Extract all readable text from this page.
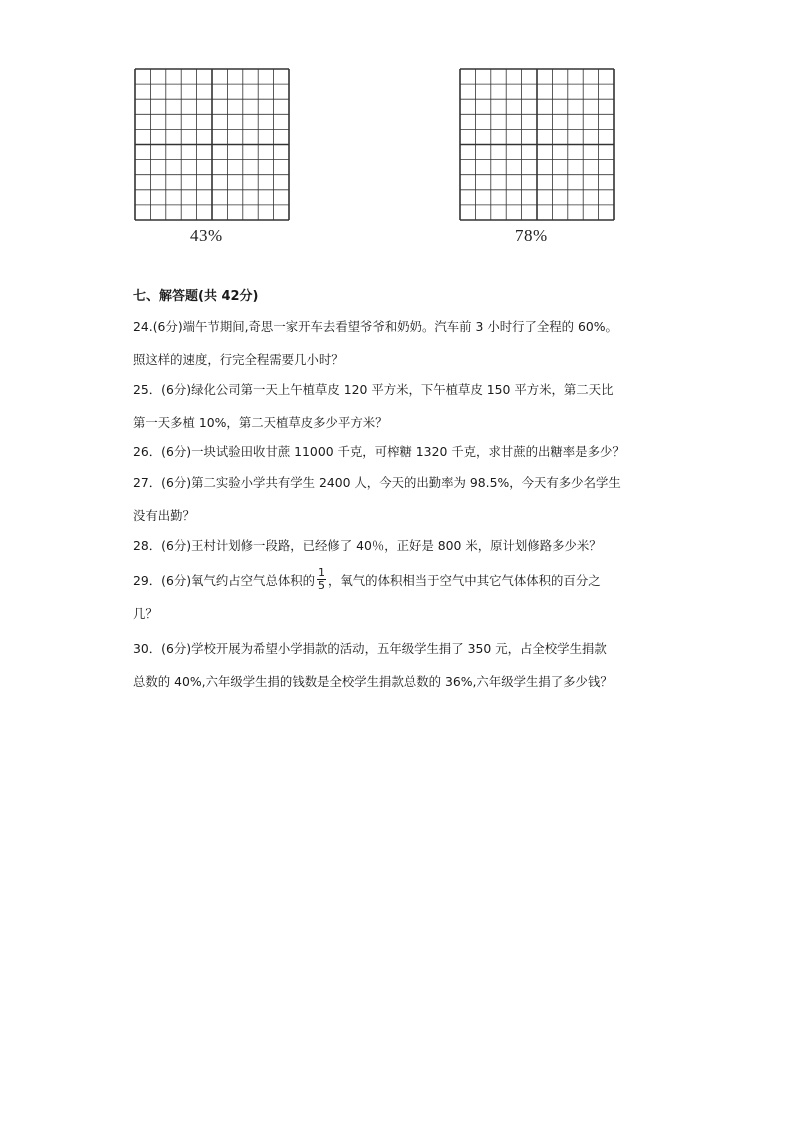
43%	78%
七、解答题(共 42分)
24.(6分)端午节期间,奇思一家开车去看望爷爷和奶奶。汽车前 3 小时行了全程的 60%。
照这样的速度，行完全程需要几小时？
25．(6分)绿化公司第一天上午植草皮 120 平方米，下午植草皮 150 平方米，第二天比
第一天多植 10%，第二天植草皮多少平方米？
26．(6分)一块试验田收甘蔗 11000 千克，可榨糖 1320 千克，求甘蔗的出糖率是多少？
27．(6分)第二实验小学共有学生 2400 人，今天的出勤率为 98.5%，今天有多少名学生
没有出勤？
28．(6分)王村计划修一段路，已经修了 40％，正好是 800 米，原计划修路多少米？
29．(6分)氧气约占空气总体积的 $\frac{1}{5}$ ，氧气的体积相当于空气中其它气体体积的百分之
几？
30．(6分)学校开展为希望小学捐款的活动，五年级学生捐了 350 元，占全校学生捐款
总数的 40%,六年级学生捐的钱数是全校学生捐款总数的 36%,六年级学生捐了多少钱？
